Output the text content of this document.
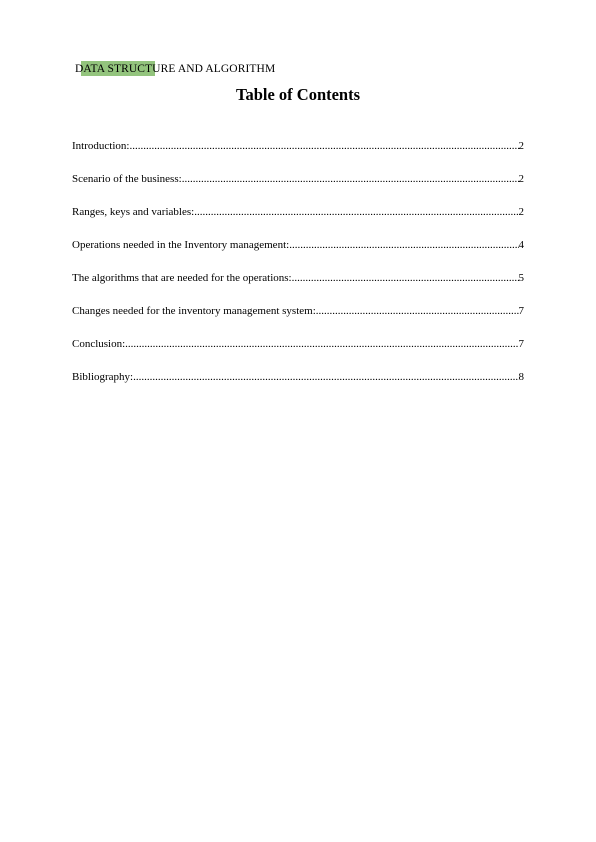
DATA STRUCTURE AND ALGORITHM
Table of Contents
Introduction: .....	2
Scenario of the business: .....	2
Ranges, keys and variables: .....	2
Operations needed in the Inventory management: .....	4
The algorithms that are needed for the operations: .....	5
Changes needed for the inventory management system: .....	7
Conclusion: .....	7
Bibliography: .....	8
